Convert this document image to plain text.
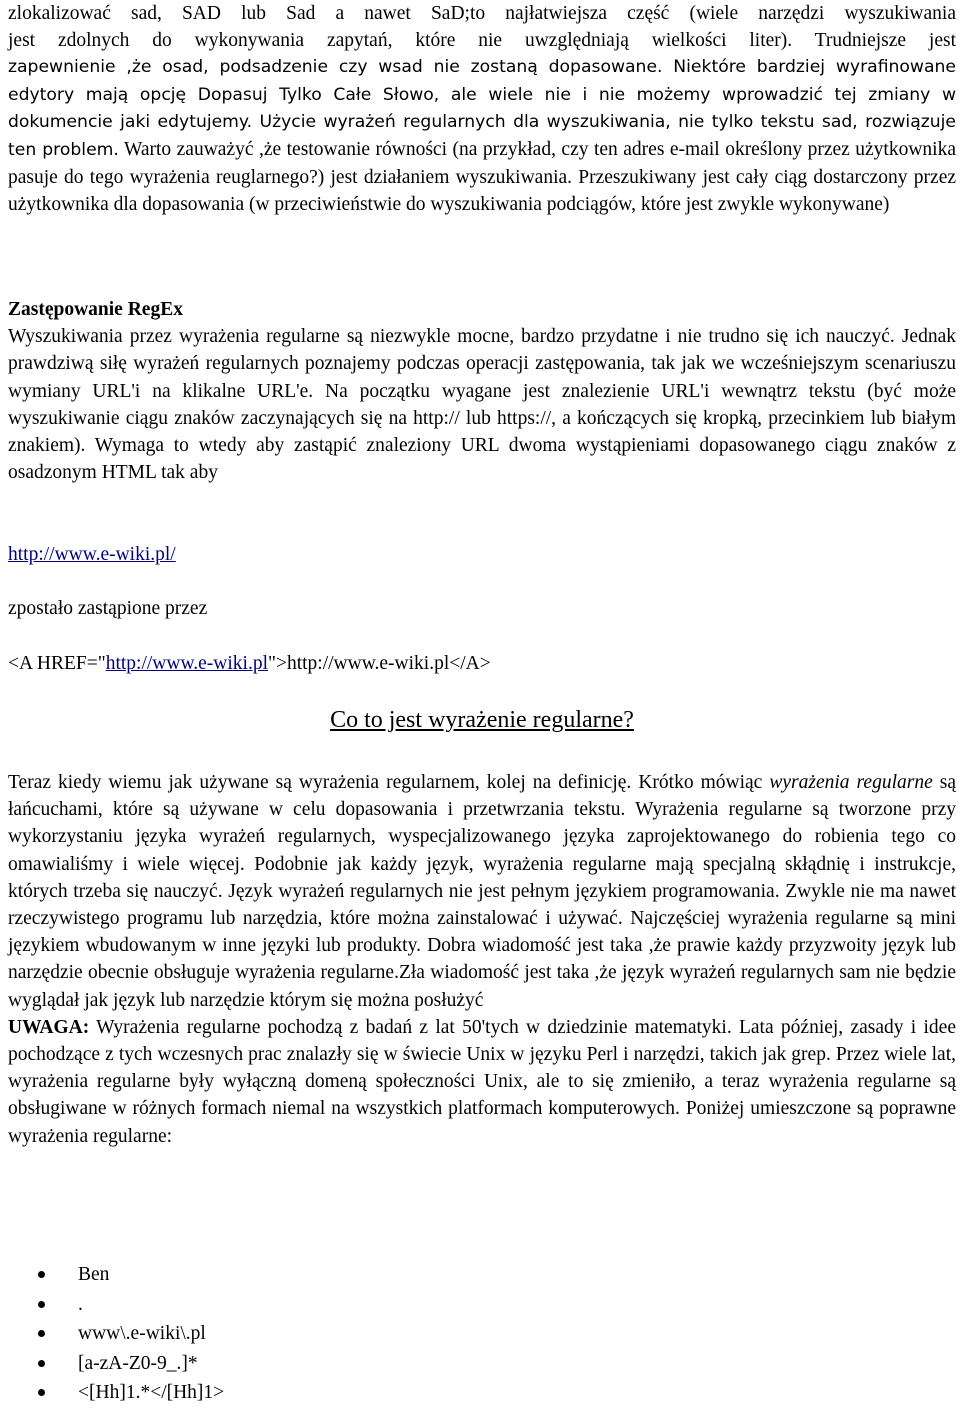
zlokalizować sad, SAD lub Sad a nawet SaD;to najłatwiejsza część (wiele narzędzi wyszukiwania

jest zdolnych do wykonywania zapytań, które nie uwzględniają wielkości liter). Trudniejsze jest

zapewnienie ,że osad, podsadzenie czy wsad nie zostaną dopasowane. Niektóre bardziej wyrafinowane edytory mają opcję Dopasuj Tylko Całe Słowo, ale wiele nie i nie możemy wprowadzić tej zmiany w dokumencie jaki edytujemy. Użycie wyrażeń regularnych dla wyszukiwania, nie tylko tekstu sad, rozwiązuje ten problem. Warto zauważyć ,że testowanie równości (na przykład, czy ten adres e-mail określony przez użytkownika pasuje do tego wyrażenia reuglarnego?) jest działaniem wyszukiwania. Przeszukiwany jest cały ciąg dostarczony przez użytkownika dla dopasowania (w przeciwieństwie do wyszukiwania podciągów, które jest zwykle wykonywane)

Zastępowanie RegEx

Wyszukiwania przez wyrażenia regularne są niezwykle mocne, bardzo przydatne i nie trudno się ich nauczyć. Jednak prawdziwą siłę wyrażeń regularnych poznajemy podczas operacji zastępowania, tak jak we wcześniejszym scenariuszu wymiany URL'i na klikalne URL'e. Na początku wyagane jest znalezienie URL'i wewnątrz tekstu (być może wyszukiwanie ciągu znaków zaczynających się na http:// lub https://, a kończących się kropką, przecinkiem lub białym znakiem). Wymaga to wtedy aby zastąpić znaleziony URL dwoma wystąpieniami dopasowanego ciągu znaków z osadzonym HTML tak aby

http://www.e-wiki.pl/

zpostało zastąpione przez

<A HREF="http://www.e-wiki.pl">http://www.e-wiki.pl</A>

Co to jest wyrażenie regularne?

Teraz kiedy wiemu jak używane są wyrażenia regularnem, kolej na definicję. Krótko mówiąc wyrażenia regularne są łańcuchami, które są używane w celu dopasowania i przetwrzania tekstu. Wyrażenia regularne są tworzone przy wykorzystaniu języka wyrażeń regularnych, wyspecjalizowanego języka zaprojektowanego do robienia tego co omawialiśmy i wiele więcej. Podobnie jak każdy język, wyrażenia regularne mają specjalną skłądnię i instrukcje, których trzeba się nauczyć. Język wyrażeń regularnych nie jest pełnym językiem programowania. Zwykle nie ma nawet rzeczywistego programu lub narzędzia, które można zainstalować i używać. Najczęściej wyrażenia regularne są mini językiem wbudowanym w inne języki lub produkty. Dobra wiadomość jest taka ,że prawie każdy przyzwoity język lub narzędzie obecnie obsługuje wyrażenia regularne.Zła wiadomość jest taka ,że język wyrażeń regularnych sam nie będzie wyglądał jak język lub narzędzie którym się można posłużyć

UWAGA: Wyrażenia regularne pochodzą z badań z lat 50'tych w dziedzinie matematyki. Lata później, zasady i idee pochodzące z tych wczesnych prac znalazły się w świecie Unix w języku Perl i narzędzi, takich jak grep. Przez wiele lat, wyrażenia regularne były wyłączną domeną społeczności Unix, ale to się zmieniło, a teraz wyrażenia regularne są obsługiwane w różnych formach niemal na wszystkich platformach komputerowych. Poniżej umieszczone są poprawne wyrażenia regularne:

Ben
.
www\.e-wiki\.pl
[a-zA-Z0-9_.]*
<[Hh]1.*</[Hh]1>
